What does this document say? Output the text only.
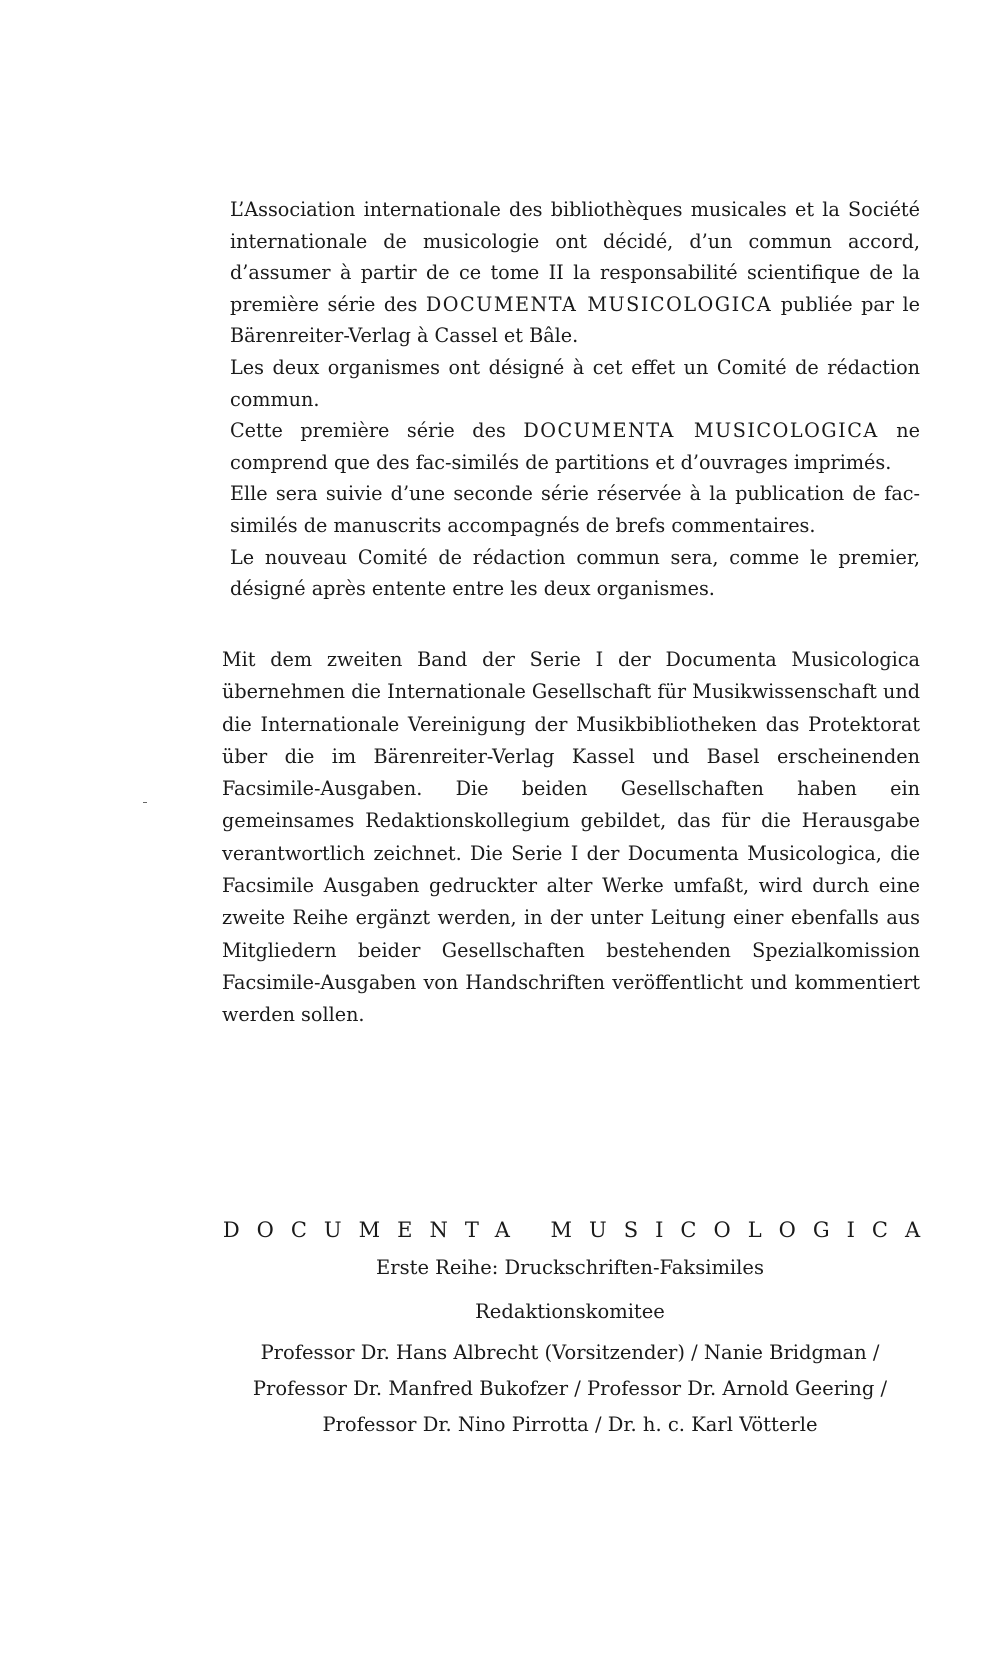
L’Association internationale des bibliothèques musicales et la Société internationale de musicologie ont décidé, d’un commun accord, d’assumer à partir de ce tome II la responsabilité scientifique de la première série des DOCUMENTA MUSICOLOGICA publiée par le Bärenreiter-Verlag à Cassel et Bâle.

Les deux organismes ont désigné à cet effet un Comité de rédaction commun.

Cette première série des DOCUMENTA MUSICOLOGICA ne comprend que des fac-similés de partitions et d’ouvrages imprimés.

Elle sera suivie d’une seconde série réservée à la publication de fac-similés de manuscrits accompagnés de brefs commentaires.

Le nouveau Comité de rédaction commun sera, comme le premier, désigné après entente entre les deux organismes.

Mit dem zweiten Band der Serie I der Documenta Musicologica übernehmen die Internationale Gesellschaft für Musikwissenschaft und die Internationale Vereinigung der Musikbibliotheken das Protektorat über die im Bärenreiter-Verlag Kassel und Basel erscheinenden Facsimile-Ausgaben. Die beiden Gesellschaften haben ein gemeinsames Redaktionskollegium gebildet, das für die Herausgabe verantwortlich zeichnet. Die Serie I der Documenta Musicologica, die Facsimile Ausgaben gedruckter alter Werke umfaßt, wird durch eine zweite Reihe ergänzt werden, in der unter Leitung einer ebenfalls aus Mitgliedern beider Gesellschaften bestehenden Spezialkomission Facsimile-Ausgaben von Handschriften veröffentlicht und kommentiert werden sollen.

DOCUMENTA MUSICOLOGICA

Erste Reihe: Druckschriften-Faksimiles

Redaktionskomitee

Professor Dr. Hans Albrecht (Vorsitzender) / Nanie Bridgman /

Professor Dr. Manfred Bukofzer / Professor Dr. Arnold Geering /

Professor Dr. Nino Pirrotta / Dr. h. c. Karl Vötterle
